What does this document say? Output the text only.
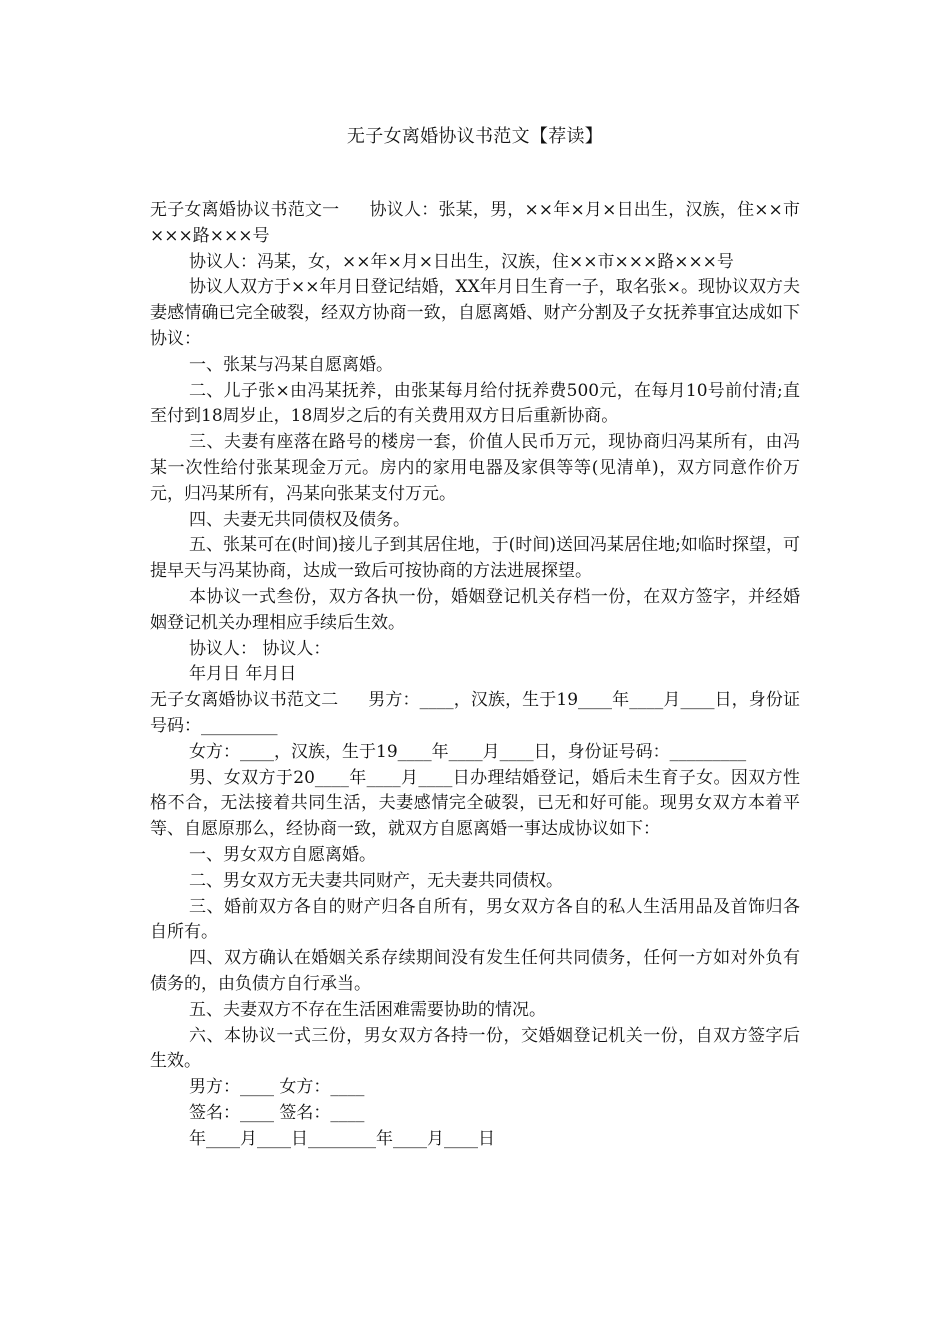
无子女离婚协议书范文【荐读】

无子女离婚协议书范文一 协议人：张某，男，××年×月×日出生，汉族，住××市×××路×××号

协议人：冯某，女，××年×月×日出生，汉族，住××市×××路×××号

协议人双方于××年月日登记结婚，XX年月日生育一子，取名张×。现协议双方夫妻感情确已完全破裂，经双方协商一致，自愿离婚、财产分割及子女抚养事宜达成如下协议：

一、张某与冯某自愿离婚。

二、儿子张×由冯某抚养，由张某每月给付抚养费500元，在每月10号前付清;直至付到18周岁止，18周岁之后的有关费用双方日后重新协商。

三、夫妻有座落在路号的楼房一套，价值人民币万元，现协商归冯某所有，由冯某一次性给付张某现金万元。房内的家用电器及家俱等等(见清单)，双方同意作价万元，归冯某所有，冯某向张某支付万元。

四、夫妻无共同债权及债务。

五、张某可在(时间)接儿子到其居住地，于(时间)送回冯某居住地;如临时探望，可提早天与冯某协商，达成一致后可按协商的方法进展探望。

本协议一式叁份，双方各执一份，婚姻登记机关存档一份，在双方签字，并经婚姻登记机关办理相应手续后生效。

协议人： 协议人：

年月日 年月日

无子女离婚协议书范文二 男方：____，汉族，生于19____年____月____日，身份证号码：_________

女方：____，汉族，生于19____年____月____日，身份证号码：_________

男、女双方于20____年____月____日办理结婚登记，婚后未生育子女。因双方性格不合，无法接着共同生活，夫妻感情完全破裂，已无和好可能。现男女双方本着平等、自愿原那么，经协商一致，就双方自愿离婚一事达成协议如下：

一、男女双方自愿离婚。

二、男女双方无夫妻共同财产，无夫妻共同债权。

三、婚前双方各自的财产归各自所有，男女双方各自的私人生活用品及首饰归各自所有。

四、双方确认在婚姻关系存续期间没有发生任何共同债务，任何一方如对外负有债务的，由负债方自行承当。

五、夫妻双方不存在生活困难需要协助的情况。

六、本协议一式三份，男女双方各持一份，交婚姻登记机关一份，自双方签字后生效。

男方：____ 女方：____

签名：____ 签名：____

年____月____日________年____月____日
